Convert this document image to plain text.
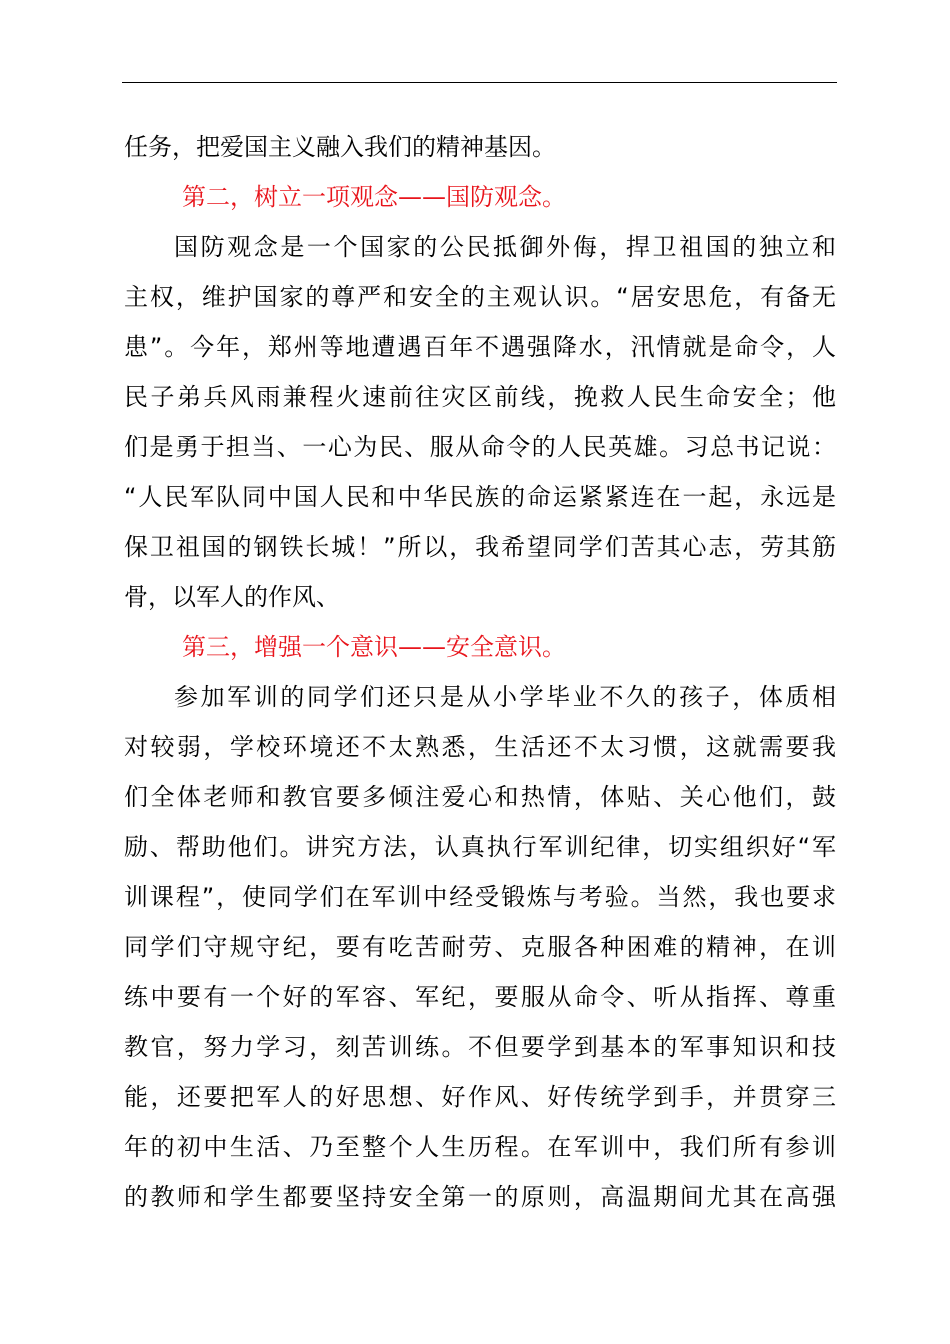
任务，把爱国主义融入我们的精神基因。
第二，树立一项观念——国防观念。
国防观念是一个国家的公民抵御外侮，捍卫祖国的独立和
主权，维护国家的尊严和安全的主观认识。“居安思危，有备无
患”。今年，郑州等地遭遇百年不遇强降水，汛情就是命令，人
民子弟兵风雨兼程火速前往灾区前线，挽救人民生命安全；他
们是勇于担当、一心为民、服从命令的人民英雄。习总书记说：
“人民军队同中国人民和中华民族的命运紧紧连在一起，永远是
保卫祖国的钢铁长城！”所以，我希望同学们苦其心志，劳其筋
骨，以军人的作风、
第三，增强一个意识——安全意识。
参加军训的同学们还只是从小学毕业不久的孩子，体质相
对较弱，学校环境还不太熟悉，生活还不太习惯，这就需要我
们全体老师和教官要多倾注爱心和热情，体贴、关心他们，鼓
励、帮助他们。讲究方法，认真执行军训纪律，切实组织好“军
训课程”，使同学们在军训中经受锻炼与考验。当然，我也要求
同学们守规守纪，要有吃苦耐劳、克服各种困难的精神，在训
练中要有一个好的军容、军纪，要服从命令、听从指挥、尊重
教官，努力学习，刻苦训练。不但要学到基本的军事知识和技
能，还要把军人的好思想、好作风、好传统学到手，并贯穿三
年的初中生活、乃至整个人生历程。在军训中，我们所有参训
的教师和学生都要坚持安全第一的原则，高温期间尤其在高强
